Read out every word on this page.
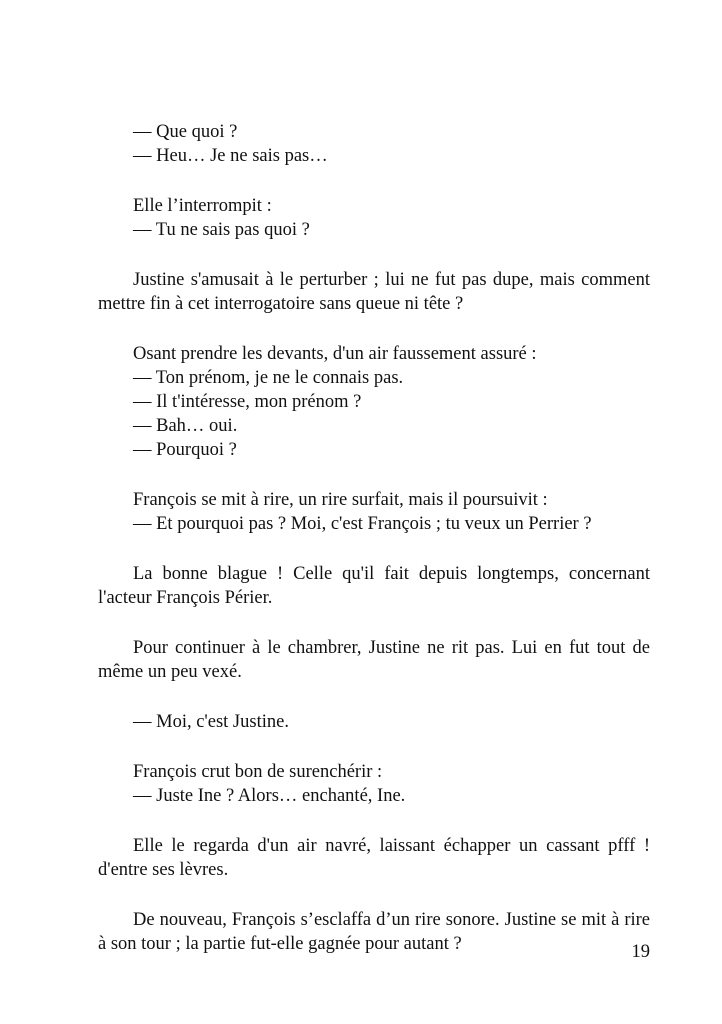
— Que quoi ?

— Heu… Je ne sais pas…

Elle l’interrompit :

— Tu ne sais pas quoi ?

Justine s'amusait à le perturber ; lui ne fut pas dupe, mais comment mettre fin à cet interrogatoire sans queue ni tête ?

Osant prendre les devants, d'un air faussement assuré :

— Ton prénom, je ne le connais pas.

— Il t'intéresse, mon prénom ?

— Bah… oui.

— Pourquoi ?

François se mit à rire, un rire surfait, mais il poursuivit :

— Et pourquoi pas ? Moi, c'est François ; tu veux un Perrier ?

La bonne blague ! Celle qu'il fait depuis longtemps, concernant l'acteur François Périer.

Pour continuer à le chambrer, Justine ne rit pas. Lui en fut tout de même un peu vexé.

— Moi, c'est Justine.

François crut bon de surenchérir :

— Juste Ine ? Alors… enchanté, Ine.

Elle le regarda d'un air navré, laissant échapper un cassant pfff ! d'entre ses lèvres.

De nouveau, François s’esclaffa d’un rire sonore. Justine se mit à rire à son tour ; la partie fut-elle gagnée pour autant ?	19
